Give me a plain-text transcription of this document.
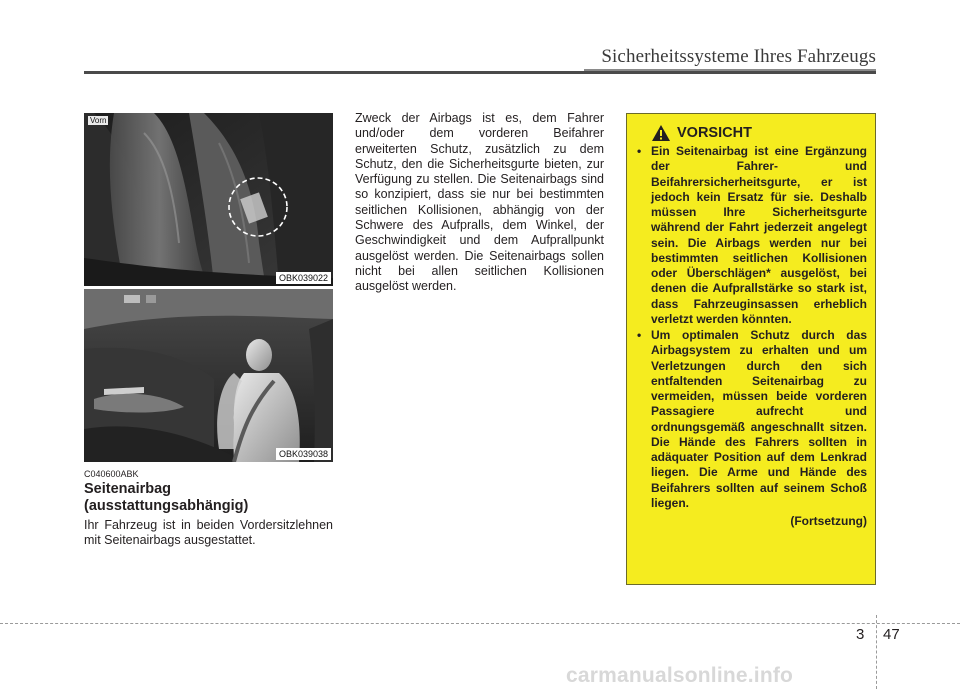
Sicherheitssysteme Ihres Fahrzeugs
Vorn
OBK039022
OBK039038
C040600ABK
Seitenairbag (ausstattungsabhängig)

Ihr Fahrzeug ist in beiden Vordersitzlehnen mit Seitenairbags ausgestattet.

Zweck der Airbags ist es, dem Fahrer und/oder dem vorderen Beifahrer erweiterten Schutz, zusätzlich zu dem Schutz, den die Sicherheitsgurte bieten, zur Verfügung zu stellen. Die Seitenairbags sind so konzipiert, dass sie nur bei bestimmten seitlichen Kollisionen, abhängig von der Schwere des Aufpralls, dem Winkel, der Geschwindigkeit und dem Aufprallpunkt ausgelöst werden. Die Seitenairbags sollen nicht bei allen seitlichen Kollisionen ausgelöst werden.

VORSICHT
• Ein Seitenairbag ist eine Ergänzung der Fahrer- und Beifahrersicherheitsgurte, er ist jedoch kein Ersatz für sie. Deshalb müssen Ihre Sicherheitsgurte während der Fahrt jederzeit angelegt sein. Die Airbags werden nur bei bestimmten seitlichen Kollisionen oder Überschlägen* ausgelöst, bei denen die Aufprallstärke so stark ist, dass Fahrzeuginsassen erheblich verletzt werden könnten.
• Um optimalen Schutz durch das Airbagsystem zu erhalten und um Verletzungen durch den sich entfaltenden Seitenairbag zu vermeiden, müssen beide vorderen Passagiere aufrecht und ordnungsgemäß angeschnallt sitzen. Die Hände des Fahrers sollten in adäquater Position auf dem Lenkrad liegen. Die Arme und Hände des Beifahrers sollten auf seinem Schoß liegen.
(Fortsetzung)
3 47
carmanualsonline.info
